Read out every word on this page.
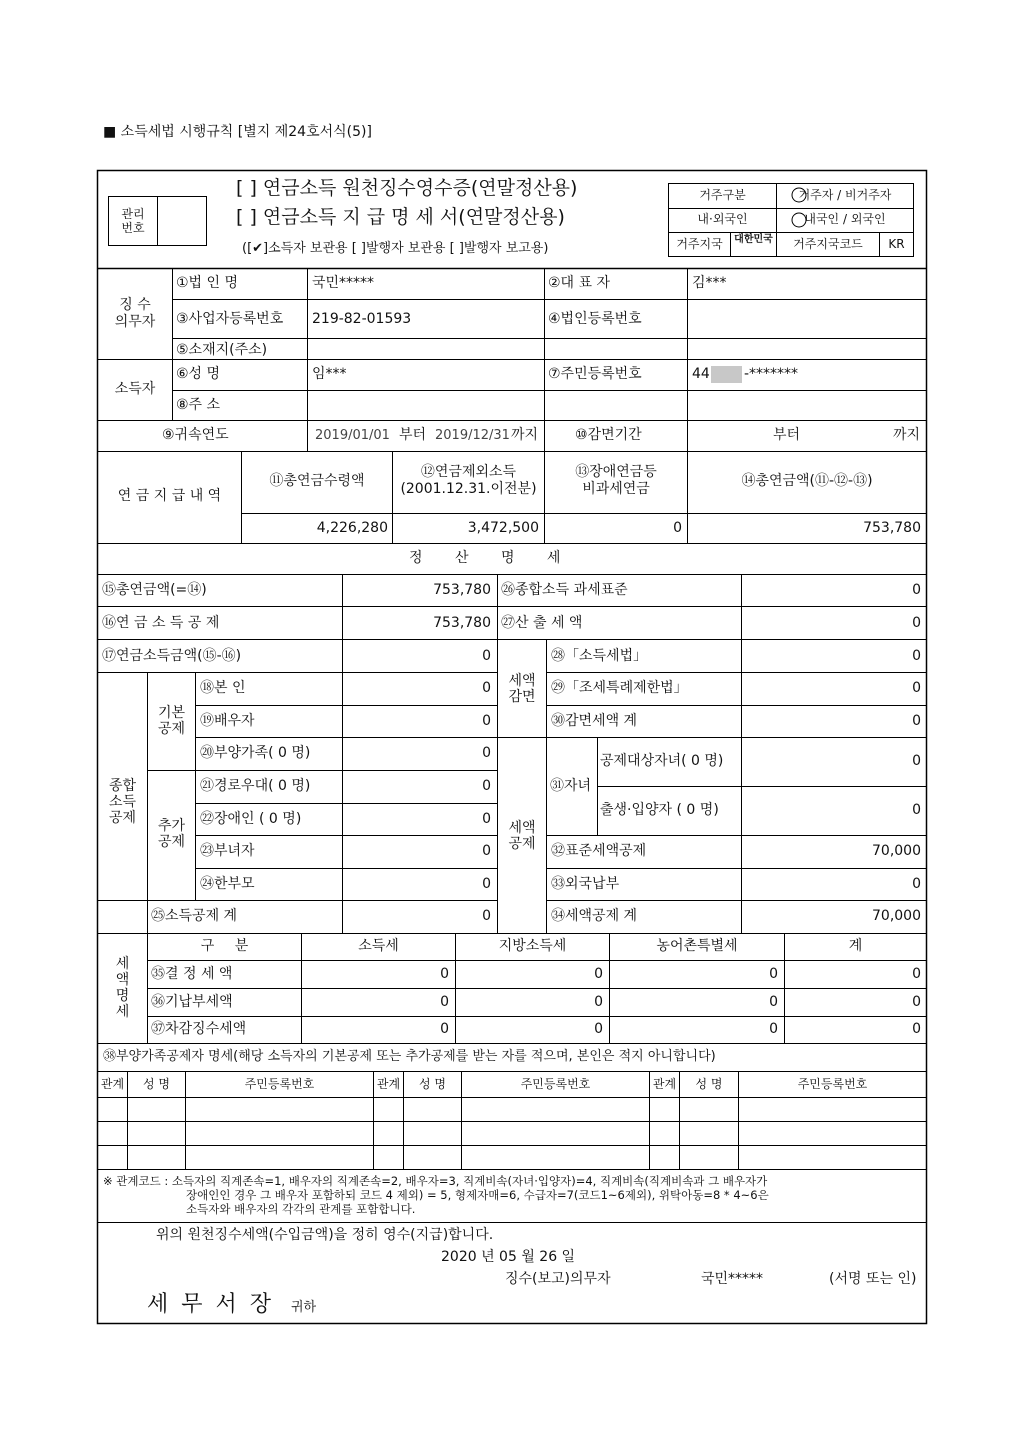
■ 소득세법 시행규칙 [별지 제24호서식(5)]
관리
번호
[ ] 연금소득 원천징수영수증(연말정산용)
[ ] 연금소득 지 급 명 세 서(연말정산용)
([✔]소득자 보관용 [ ]발행자 보관용 [ ]발행자 보고용)
거주구분	거주자 / 비거주자
내·외국인	내국인 / 외국인
거주지국	대한민국	거주지국코드	KR
징 수
의무자
①법 인 명	국민*****	②대 표 자	김***
③사업자등록번호 219-82-01593	④법인등록번호
⑤소재지(주소)
소득자
⑥성 명	임***	⑦주민등록번호	44 -*******
⑧주 소
⑨귀속연도	2019/01/01 부터 2019/12/31 까지	⑩감면기간	부터	까지
연 금 지 급 내 역
⑪총연금수령액
⑫연금제외소득
(2001.12.31.이전분)
⑬장애연금등
비과세연금	⑭총연금액(⑪-⑫-⑬)
4,226,280	3,472,500	0	753,780
정 산 명 세
⑮총연금액(=⑭)	753,780
⑯연 금 소 득 공 제	753,780
⑰연금소득금액(⑮-⑯)	0
종합
소득
공제
기본
공제
추가
공제
⑱본 인	0
⑲배우자	0
⑳부양가족( 0 명)	0
㉑경로우대( 0 명)	0
㉒장애인 ( 0 명)	0
㉓부녀자	0
㉔한부모	0
㉕소득공제 계	0
㉖종합소득 과세표준	0
㉗산 출 세 액	0
세액
감면
세액
공제
㉘「소득세법」	0
㉙「조세특례제한법」	0
㉚감면세액 계	0
㉛자녀
공제대상자녀( 0 명)	0
출생·입양자 ( 0 명)	0
㉜표준세액공제	70,000
㉝외국납부	0
㉞세액공제 계	70,000
세
액
명
세
구 분	소득세	지방소득세	농어촌특별세	계
㉟결 정 세 액	0	0	0	0
㊱기납부세액	0	0	0	0
㊲차감징수세액	0	0	0	0
㊳부양가족공제자 명세(해당 소득자의 기본공제 또는 추가공제를 받는 자를 적으며, 본인은 적지 아니합니다)
관계	성 명	주민등록번호	관계	성 명	주민등록번호	관계	성 명	주민등록번호
※ 관계코드 : 소득자의 직계존속=1, 배우자의 직계존속=2, 배우자=3, 직계비속(자녀·입양자)=4, 직계비속(직계비속과 그 배우자가
장애인인 경우 그 배우자 포함하되 코드 4 제외) = 5, 형제자매=6, 수급자=7(코드1~6제외), 위탁아동=8 * 4~6은
소득자와 배우자의 각각의 관계를 포함합니다.
위의 원천징수세액(수입금액)을 정히 영수(지급)합니다.
2020 년 05 월 26 일
징수(보고)의무자	국민*****	(서명 또는 인)
세 무 서 장 귀하
